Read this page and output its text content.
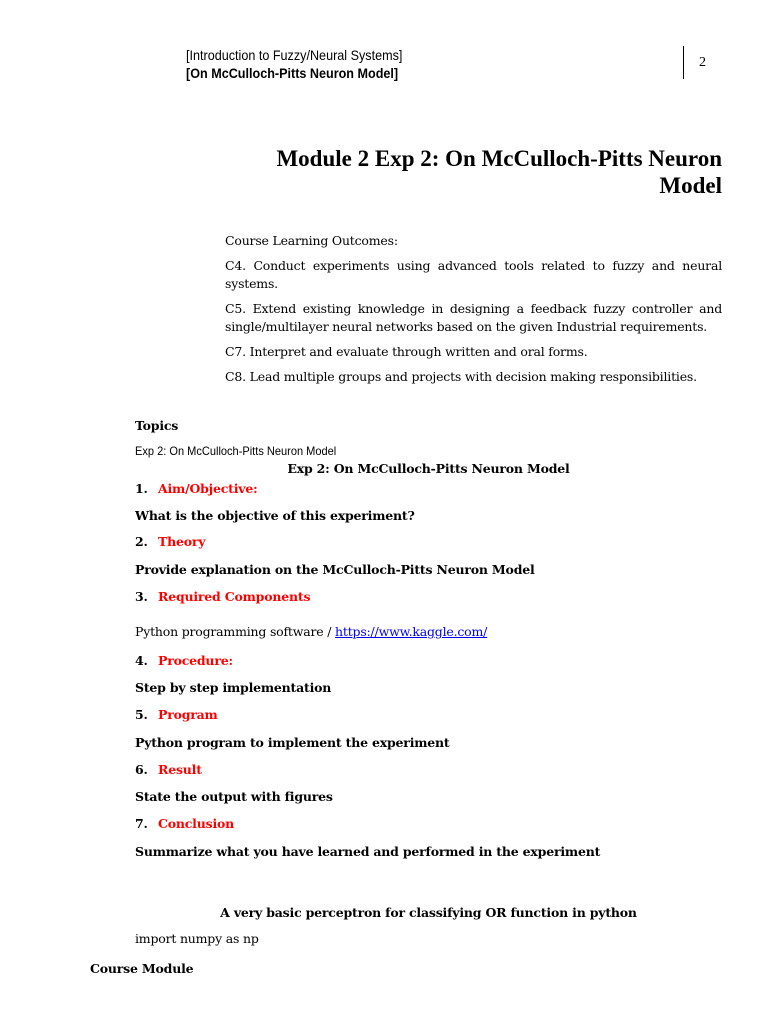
[Introduction to Fuzzy/Neural Systems]
[On McCulloch-Pitts Neuron Model]
2
Module 2 Exp 2: On McCulloch-Pitts Neuron
Model

Course Learning Outcomes:

C4. Conduct experiments using advanced tools related to fuzzy and neural systems.

C5. Extend existing knowledge in designing a feedback fuzzy controller and single/multilayer neural networks based on the given Industrial requirements.

C7. Interpret and evaluate through written and oral forms.

C8. Lead multiple groups and projects with decision making responsibilities.

Topics
Exp 2: On McCulloch-Pitts Neuron Model
Exp 2: On McCulloch-Pitts Neuron Model
1. Aim/Objective:
What is the objective of this experiment?
2. Theory
Provide explanation on the McCulloch-Pitts Neuron Model
3. Required Components
Python programming software / https://www.kaggle.com/
4. Procedure:
Step by step implementation
5. Program
Python program to implement the experiment
6. Result
State the output with figures
7. Conclusion
Summarize what you have learned and performed in the experiment
A very basic perceptron for classifying OR function in python
import numpy as np
Course Module
